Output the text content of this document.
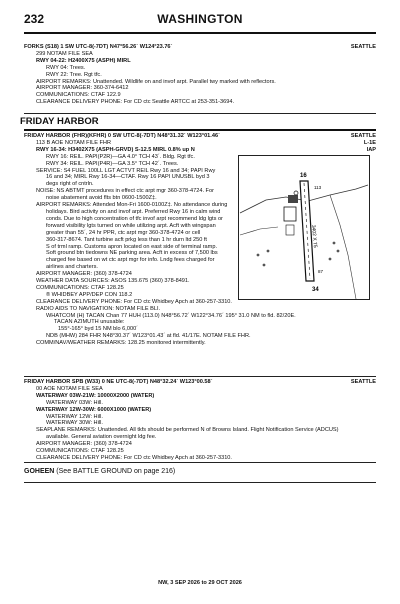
232	WASHINGTON
FORKS (S18) 1 SW UTC-8(-7DT) N47°56.26´ W124°23.76´
299 NOTAM FILE SEA
RWY 04-22: H2400X75 (ASPH) MIRL
RWY 04: Trees.
RWY 22: Tree. Rgt tfc.
AIRPORT REMARKS: Unattended. Wildlife on and invof arpt. Parallel twy marked with reflectors.
AIRPORT MANAGER: 360-374-6412
COMMUNICATIONS: CTAF 122.9
CLEARANCE DELIVERY PHONE: For CD ctc Seattle ARTCC at 253-351-3694.
SEATTLE
FRIDAY HARBOR
FRIDAY HARBOR (FHR)(KFHR) 0 SW UTC-8(-7DT) N48°31.32´ W123°01.46´
113 B AOE NOTAM FILE FHR
RWY 16-34: H3402X75 (ASPH-GRVD) S-12.5 MIRL 0.8% up N
RWY 16: REIL. PAPI(P2R)—GA 4.0° TCH 43´. Bldg. Rgt tfc.
RWY 34: REIL. PAPI(P4R)—GA 3.5° TCH 42´. Trees.
SERVICE: S4 FUEL 100LL LGT ACTVT REIL Rwy 16 and 34; PAPI Rwy
16 and 34; MIRL Rwy 16-34—CTAF. Rwy 16 PAPI UNUSBL byd 3
degs right of cntrln.
NOISE: NS ABTMT procedures in effect ctc arpt mgr 360-378-4724. For
noise abatement avoid flts btn 0600-1500Z‡.
AIRPORT REMARKS: Attended Mon-Fri 1600-0100Z‡. No attendance during
holidays. Bird activity on and invof arpt. Preferred Rwy 16 in calm wind
conds. Due to high concentration of tfc invof arpt recommend ldg lgts or
forward visibility lgts turned on while utilizing arpt. Acft with wingspan
greater than 55´, 24 hr PPR, ctc arpt mgr 360-378-4724 or cell
360-317-8674. Tant turbine acft prkg less than 1 hr durn ltd 250 ft
S of trml ramp. Customs apron located on east side of terminal ramp.
Soft ground btn tiedowns NE parking area. Acft in excess of 7,500 lbs
charged fee based on wt ctc arpt mgr for info. Lndg fees charged for
airlines and charters.
AIRPORT MANAGER: (360) 378-4724
WEATHER DATA SOURCES: ASOS 135.675 (360) 378-8491.
COMMUNICATIONS: CTAF 128.25
® WHIDBEY APP/DEP CON 118.2
CLEARANCE DELIVERY PHONE: For CD ctc Whidbey Apch at 360-257-3310.
RADIO AIDS TO NAVIGATION: NOTAM FILE BLI.
WHATCOM (H) TACAN Chan 77 HUH (113.0) N48°56.72´ W122°34.76´ 195° 31.0 NM to fld. 82/20E.
TACAN AZIMUTH unusable:
155°-165° byd 15 NM blo 6,000´
NDB (MHW) 284 FHR N48°30.37´ W123°01.43´ at fld. 41/17E. NOTAM FILE FHR.
COMM/NAV/WEATHER REMARKS: 128.25 monitored intermittently.
SEATTLE
L-1E
IAP
3402 X 75
16
34
113
87
FRIDAY HARBOR SPB (W33) 0 NE UTC-8(-7DT) N48°32.24´ W123°00.58´
00 AOE NOTAM FILE SEA
WATERWAY 03W-21W: 10000X2000 (WATER)
WATERWAY 03W: Hill.
WATERWAY 12W-30W: 6000X1000 (WATER)
WATERWAY 12W: Hill.
WATERWAY 30W: Hill.
SEAPLANE REMARKS: Unattended. All tkfs should be performed N of Browns Island. Flight Notification Service (ADCUS)
available. General aviation overnight ldg fee.
AIRPORT MANAGER: (360) 378-4724
COMMUNICATIONS: CTAF 128.25
CLEARANCE DELIVERY PHONE: For CD ctc Whidbey Apch at 360-257-3310.
SEATTLE
GOHEEN (See BATTLE GROUND on page 216)
NW, 3 SEP 2026 to 29 OCT 2026
